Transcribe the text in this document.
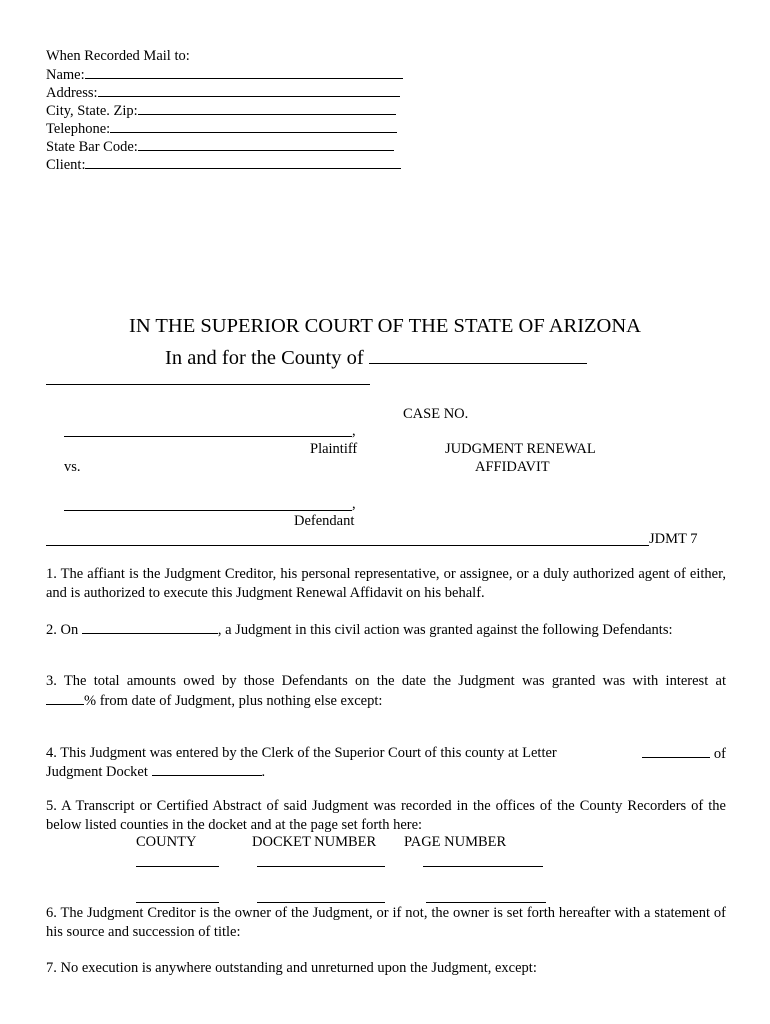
When Recorded Mail to:
Name:
Address:
City, State. Zip:
Telephone:
State Bar Code:
Client:
IN THE SUPERIOR COURT OF THE STATE OF ARIZONA
In and for the County of
CASE NO.
,
Plaintiff	JUDGMENT RENEWAL
AFFIDAVIT
vs.
,
Defendant
JDMT 7
1. The affiant is the Judgment Creditor, his personal representative, or assignee, or a duly authorized agent of either, and is authorized to execute this Judgment Renewal Affidavit on his behalf.
2. On	, a Judgment in this civil action was granted against the following Defendants:
3. The total amounts owed by those Defendants on the date the Judgment was granted was with interest at
% from date of Judgment, plus nothing else except:
4. This Judgment was entered by the Clerk of the Superior Court of this county at Letter	of
Judgment Docket	.
5. A Transcript or Certified Abstract of said Judgment was recorded in the offices of the County Recorders of the below listed counties in the docket and at the page set forth here:
COUNTY	DOCKET NUMBER PAGE NUMBER
6. The Judgment Creditor is the owner of the Judgment, or if not, the owner is set forth hereafter with a statement of his source and succession of title:
7. No execution is anywhere outstanding and unreturned upon the Judgment, except:
